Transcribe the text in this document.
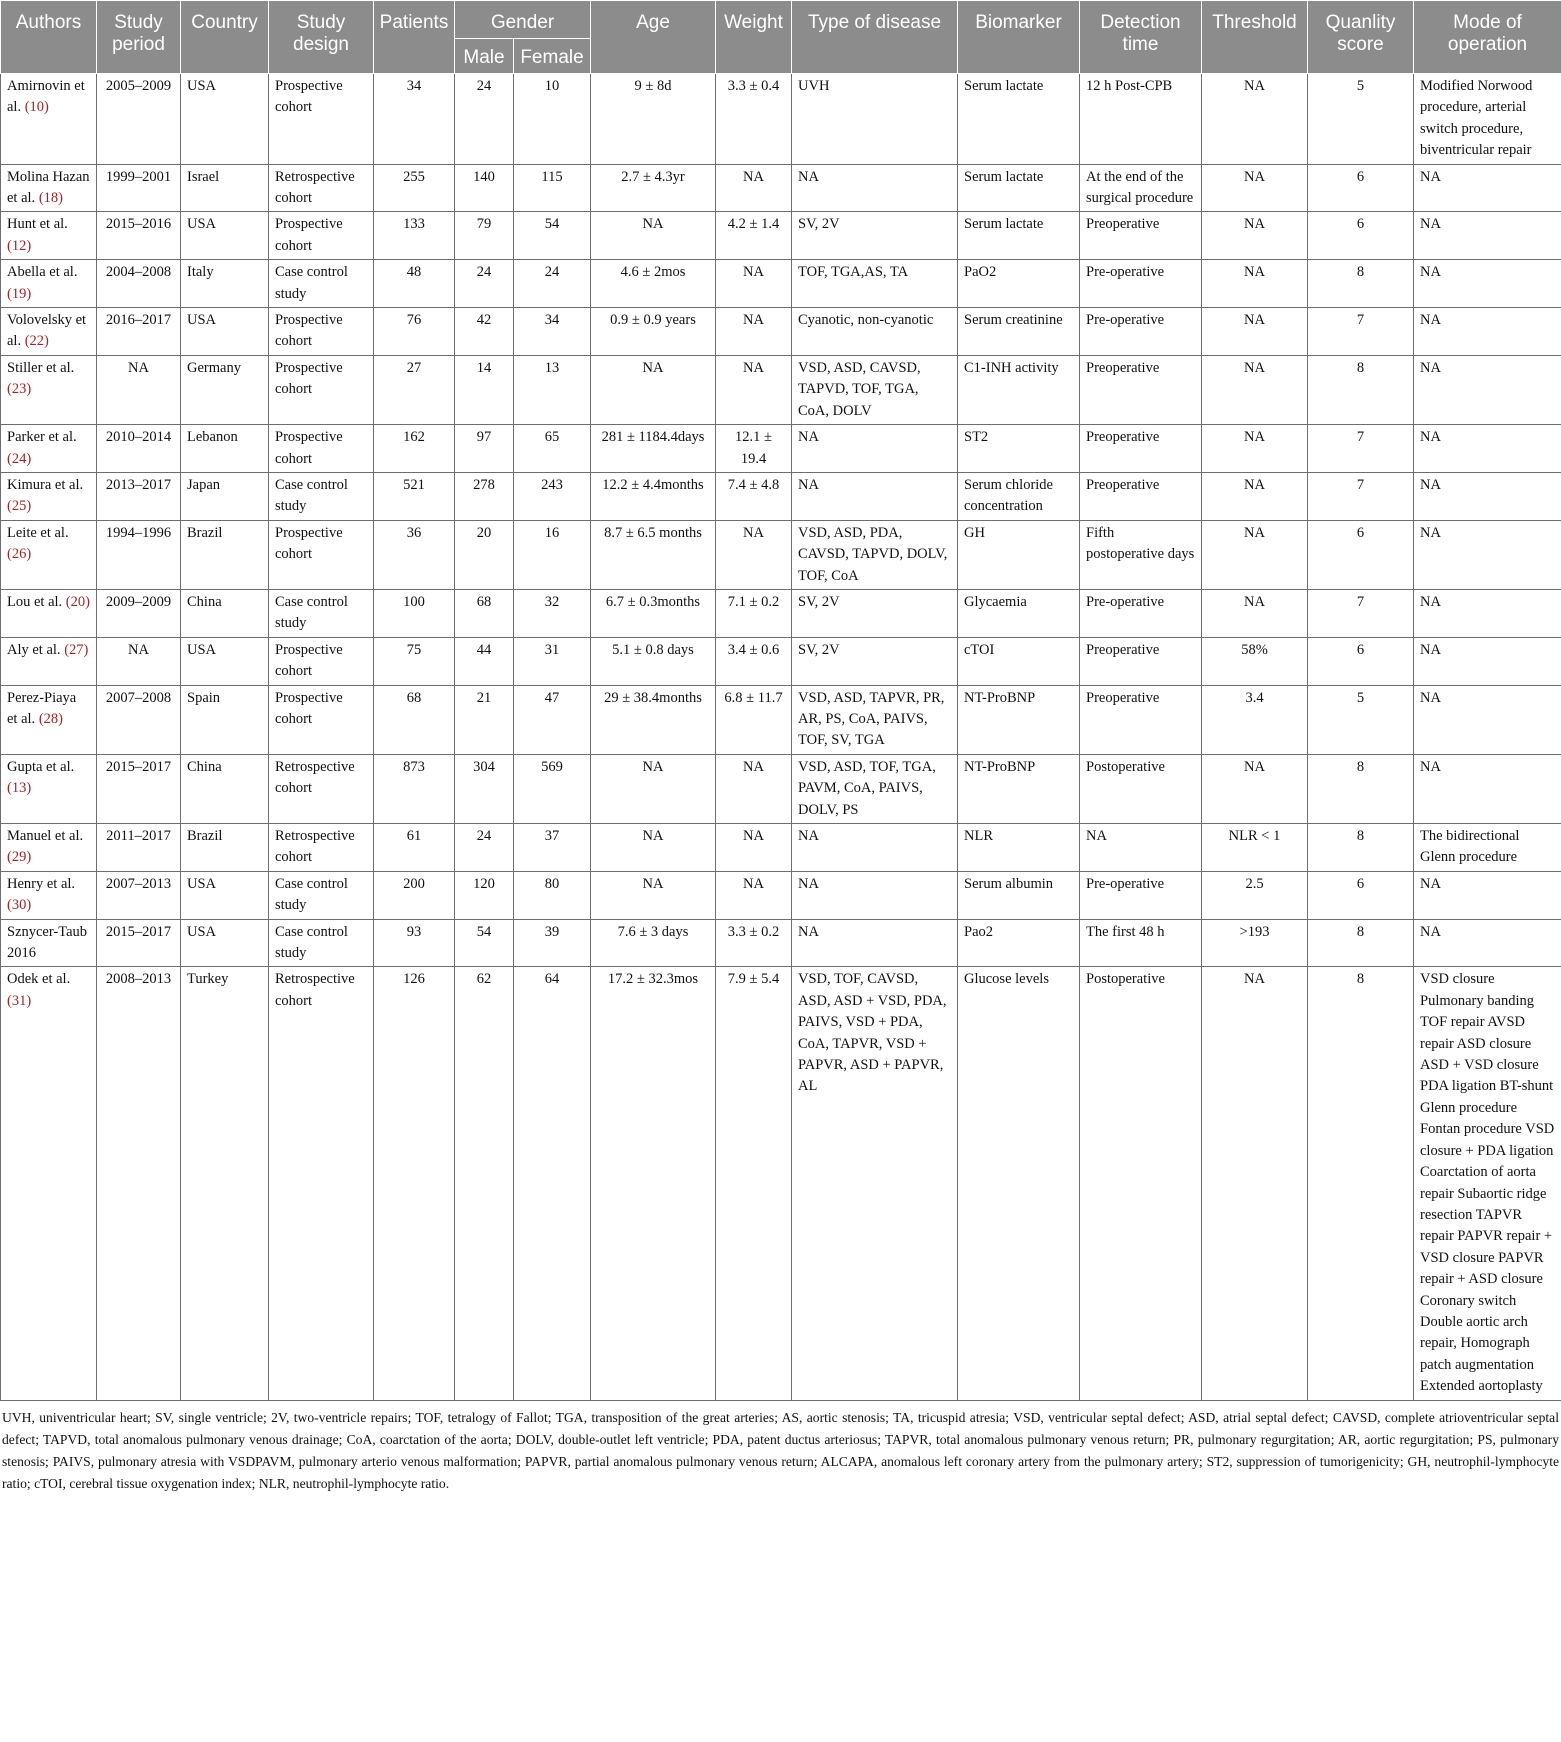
Authors	Study period	Country	Study design	Patients	Gender		Age	Weight	Type of disease	Biomarker	Detection time	Threshold	Quanlity score	Mode of operation
					Male	Female								
Amirnovin et al. (10)	2005–2009	USA	Prospective cohort	34	24	10	9 ± 8d	3.3 ± 0.4	UVH	Serum lactate	12 h Post-CPB	NA	5	Modified Norwood procedure, arterial switch procedure, biventricular repair
Molina Hazan et al. (18)	1999–2001	Israel	Retrospective cohort	255	140	115	2.7 ± 4.3yr	NA	NA	Serum lactate	At the end of the surgical procedure	NA	6	NA
Hunt et al. (12)	2015–2016	USA	Prospective cohort	133	79	54	NA	4.2 ± 1.4	SV, 2V	Serum lactate	Preoperative	NA	6	NA
Abella et al. (19)	2004–2008	Italy	Case control study	48	24	24	4.6 ± 2mos	NA	TOF, TGA,AS, TA	PaO2	Pre-operative	NA	8	NA
Volovelsky et al. (22)	2016–2017	USA	Prospective cohort	76	42	34	0.9 ± 0.9 years	NA	Cyanotic, non-cyanotic	Serum creatinine	Pre-operative	NA	7	NA
Stiller et al. (23)	NA	Germany	Prospective cohort	27	14	13	NA	NA	VSD, ASD, CAVSD, TAPVD, TOF, TGA, CoA, DOLV	C1-INH activity	Preoperative	NA	8	NA
Parker et al. (24)	2010–2014	Lebanon	Prospective cohort	162	97	65	281 ± 1184.4days	12.1 ± 19.4	NA	ST2	Preoperative	NA	7	NA
Kimura et al. (25)	2013–2017	Japan	Case control study	521	278	243	12.2 ± 4.4months	7.4 ± 4.8	NA	Serum chloride concentration	Preoperative	NA	7	NA
Leite et al. (26)	1994–1996	Brazil	Prospective cohort	36	20	16	8.7 ± 6.5 months	NA	VSD, ASD, PDA, CAVSD, TAPVD, DOLV, TOF, CoA	GH	Fifth postoperative days	NA	6	NA
Lou et al. (20)	2009–2009	China	Case control study	100	68	32	6.7 ± 0.3months	7.1 ± 0.2	SV, 2V	Glycaemia	Pre-operative	NA	7	NA
Aly et al. (27)	NA	USA	Prospective cohort	75	44	31	5.1 ± 0.8 days	3.4 ± 0.6	SV, 2V	cTOI	Preoperative	58%	6	NA
Perez-Piaya et al. (28)	2007–2008	Spain	Prospective cohort	68	21	47	29 ± 38.4months	6.8 ± 11.7	VSD, ASD, TAPVR, PR, AR, PS, CoA, PAIVS, TOF, SV, TGA	NT-ProBNP	Preoperative	3.4	5	NA
Gupta et al. (13)	2015–2017	China	Retrospective cohort	873	304	569	NA	NA	VSD, ASD, TOF, TGA, PAVM, CoA, PAIVS, DOLV, PS	NT-ProBNP	Postoperative	NA	8	NA
Manuel et al. (29)	2011–2017	Brazil	Retrospective cohort	61	24	37	NA	NA	NA	NLR	NA	NLR < 1	8	The bidirectional Glenn procedure
Henry et al. (30)	2007–2013	USA	Case control study	200	120	80	NA	NA	NA	Serum albumin	Pre-operative	2.5	6	NA
Sznycer-Taub 2016	2015–2017	USA	Case control study	93	54	39	7.6 ± 3 days	3.3 ± 0.2	NA	Pao2	The first 48 h	>193	8	NA
Odek et al. (31)	2008–2013	Turkey	Retrospective cohort	126	62	64	17.2 ± 32.3mos	7.9 ± 5.4	VSD, TOF, CAVSD, ASD, ASD + VSD, PDA, PAIVS, VSD + PDA, CoA, TAPVR, VSD + PAPVR, ASD + PAPVR, AL	Glucose levels	Postoperative	NA	8	VSD closure Pulmonary banding TOF repair AVSD repair ASD closure ASD + VSD closure PDA ligation BT-shunt Glenn procedure Fontan procedure VSD closure + PDA ligation Coarctation of aorta repair Subaortic ridge resection TAPVR repair PAPVR repair + VSD closure PAPVR repair + ASD closure Coronary switch Double aortic arch repair, Homograph patch augmentation Extended aortoplasty
UVH, univentricular heart; SV, single ventricle; 2V, two-ventricle repairs; TOF, tetralogy of Fallot; TGA, transposition of the great arteries; AS, aortic stenosis; TA, tricuspid atresia; VSD, ventricular septal defect; ASD, atrial septal defect; CAVSD, complete atrioventricular septal defect; TAPVD, total anomalous pulmonary venous drainage; CoA, coarctation of the aorta; DOLV, double-outlet left ventricle; PDA, patent ductus arteriosus; TAPVR, total anomalous pulmonary venous return; PR, pulmonary regurgitation; AR, aortic regurgitation; PS, pulmonary stenosis; PAIVS, pulmonary atresia with VSDPAVM, pulmonary arterio venous malformation; PAPVR, partial anomalous pulmonary venous return; ALCAPA, anomalous left coronary artery from the pulmonary artery; ST2, suppression of tumorigenicity; GH, neutrophil-lymphocyte ratio; cTOI, cerebral tissue oxygenation index; NLR, neutrophil-lymphocyte ratio.
